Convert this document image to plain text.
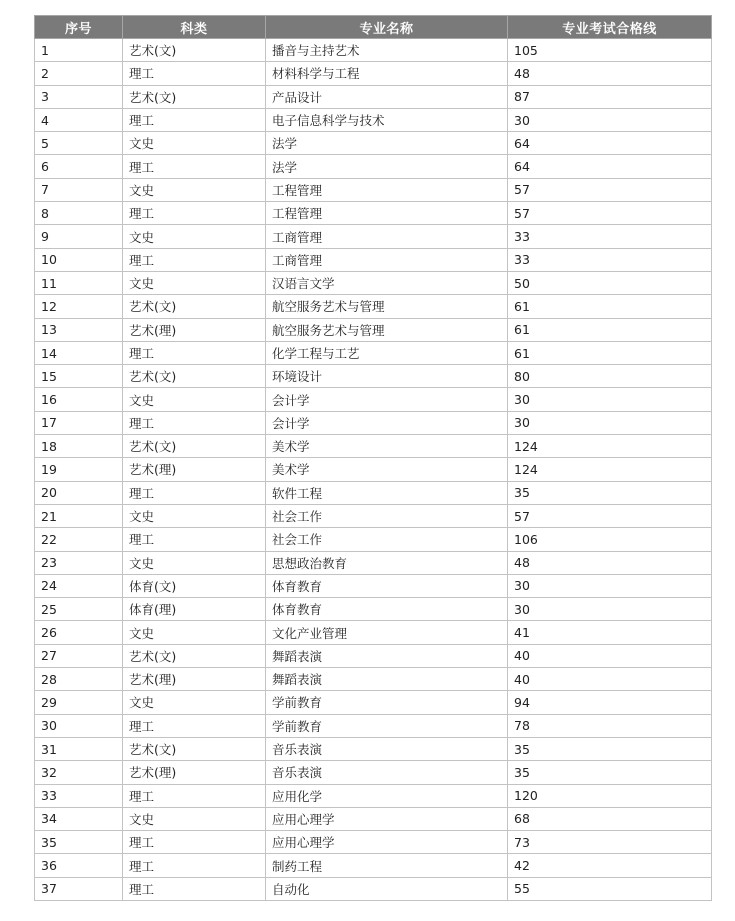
序号	科类	专业名称	专业考试合格线
1	艺术(文)	播音与主持艺术	105
2	理工	材料科学与工程	48
3	艺术(文)	产品设计	87
4	理工	电子信息科学与技术	30
5	文史	法学	64
6	理工	法学	64
7	文史	工程管理	57
8	理工	工程管理	57
9	文史	工商管理	33
10	理工	工商管理	33
11	文史	汉语言文学	50
12	艺术(文)	航空服务艺术与管理	61
13	艺术(理)	航空服务艺术与管理	61
14	理工	化学工程与工艺	61
15	艺术(文)	环境设计	80
16	文史	会计学	30
17	理工	会计学	30
18	艺术(文)	美术学	124
19	艺术(理)	美术学	124
20	理工	软件工程	35
21	文史	社会工作	57
22	理工	社会工作	106
23	文史	思想政治教育	48
24	体育(文)	体育教育	30
25	体育(理)	体育教育	30
26	文史	文化产业管理	41
27	艺术(文)	舞蹈表演	40
28	艺术(理)	舞蹈表演	40
29	文史	学前教育	94
30	理工	学前教育	78
31	艺术(文)	音乐表演	35
32	艺术(理)	音乐表演	35
33	理工	应用化学	120
34	文史	应用心理学	68
35	理工	应用心理学	73
36	理工	制药工程	42
37	理工	自动化	55
